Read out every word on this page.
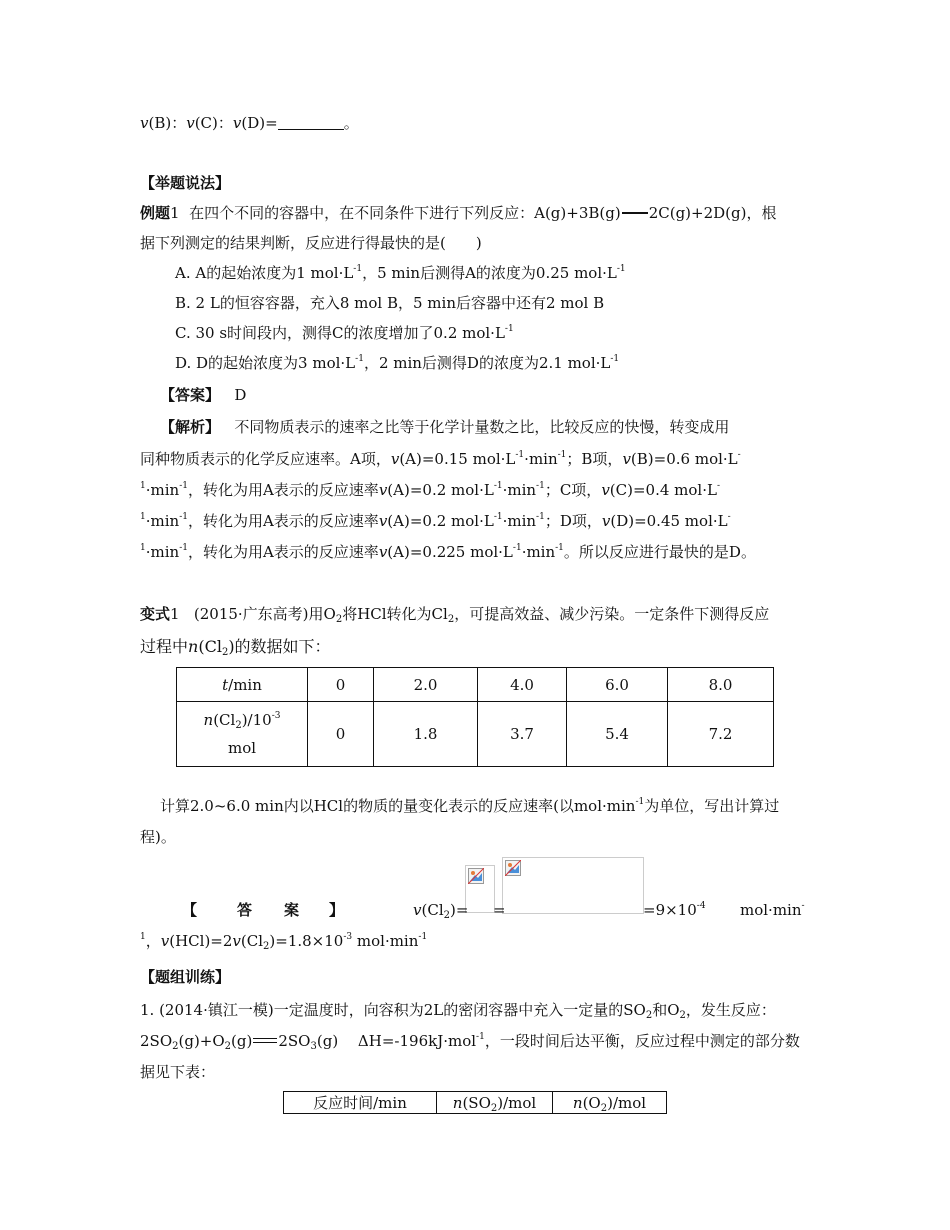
v(B)：v(C)：v(D)=	。
【举题说法】
例题1 在四个不同的容器中，在不同条件下进行下列反应：A(g)+3B(g) 2C(g)+2D(g)，根
据下列测定的结果判断，反应进行得最快的是(　　)
A. A的起始浓度为1 $mol\cdot L^{-1}$，5 min后测得A的浓度为0.25 $mol\cdot L^{-1}$
B. 2 L的恒容容器，充入8 mol B，5 min后容器中还有2 mol B
C. 30 s时间段内，测得C的浓度增加了0.2 $mol\cdot L^{-1}$
D. D的起始浓度为3 $mol\cdot L^{-1}$，2 min后测得D的浓度为2.1 $mol\cdot L^{-1}$
【答案】 D
【解析】 不同物质表示的速率之比等于化学计量数之比，比较反应的快慢，转变成用
同种物质表示的化学反应速率。A项，v(A)=0.15 $mol\cdot L^{-1}\cdot\min^{-1}$；B项，v(B)=0.6 mol·L-
$^1\cdot\min^{-1}$，转化为用A表示的反应速率v(A)=0.2 $mol\cdot L^{-1}\cdot\min^{-1}$；C项，v(C)=0.4 mol·L-
$^1\cdot\min^{-1}$，转化为用A表示的反应速率v(A)=0.2 $mol\cdot L^{-1}\cdot\min^{-1}$；D项，v(D)=0.45 mol·L-
$^1\cdot\min^{-1}$，转化为用A表示的反应速率v(A)=0.225 $mol\cdot L^{-1}\cdot\min^{-1}$。所以反应进行最快的是D。
变式1 (2015·广东高考)用$O_2$将HCl转化为$Cl_2$，可提高效益、减少污染。一定条件下测得反应
过程中$n(Cl_2)$的数据如下：
t/min	0	2.0	4.0	6.0	8.0
$n(Cl_2)/10^{-3}$
mol	0	1.8	3.7	5.4	7.2
计算2.0~6.0 min内以HCl的物质的量变化表示的反应速率(以$mol\cdot\min^{-1}$为单位，写出计算过
程)。
【	答 案 】	$v(Cl_2)=$ =	$=9\times 10^{-4}$ mol·min-
$^1$，$v(HCl)=2v(Cl_2)=1.8\times 10^{-3}$ $mol\cdot\min^{-1}$
【题组训练】
1. (2014·镇江一模)一定温度时，向容积为2L的密闭容器中充入一定量的$SO_2$和$O_2$，发生反应：
$2SO_2(g)+O_2(g)$ $2SO_3(g)$　 ΔH=-196kJ·mol$^{-1}$，一段时间后达平衡，反应过程中测定的部分数
据见下表：
反应时间/min	$n(SO_2)$/mol	$n(O_2)$/mol
